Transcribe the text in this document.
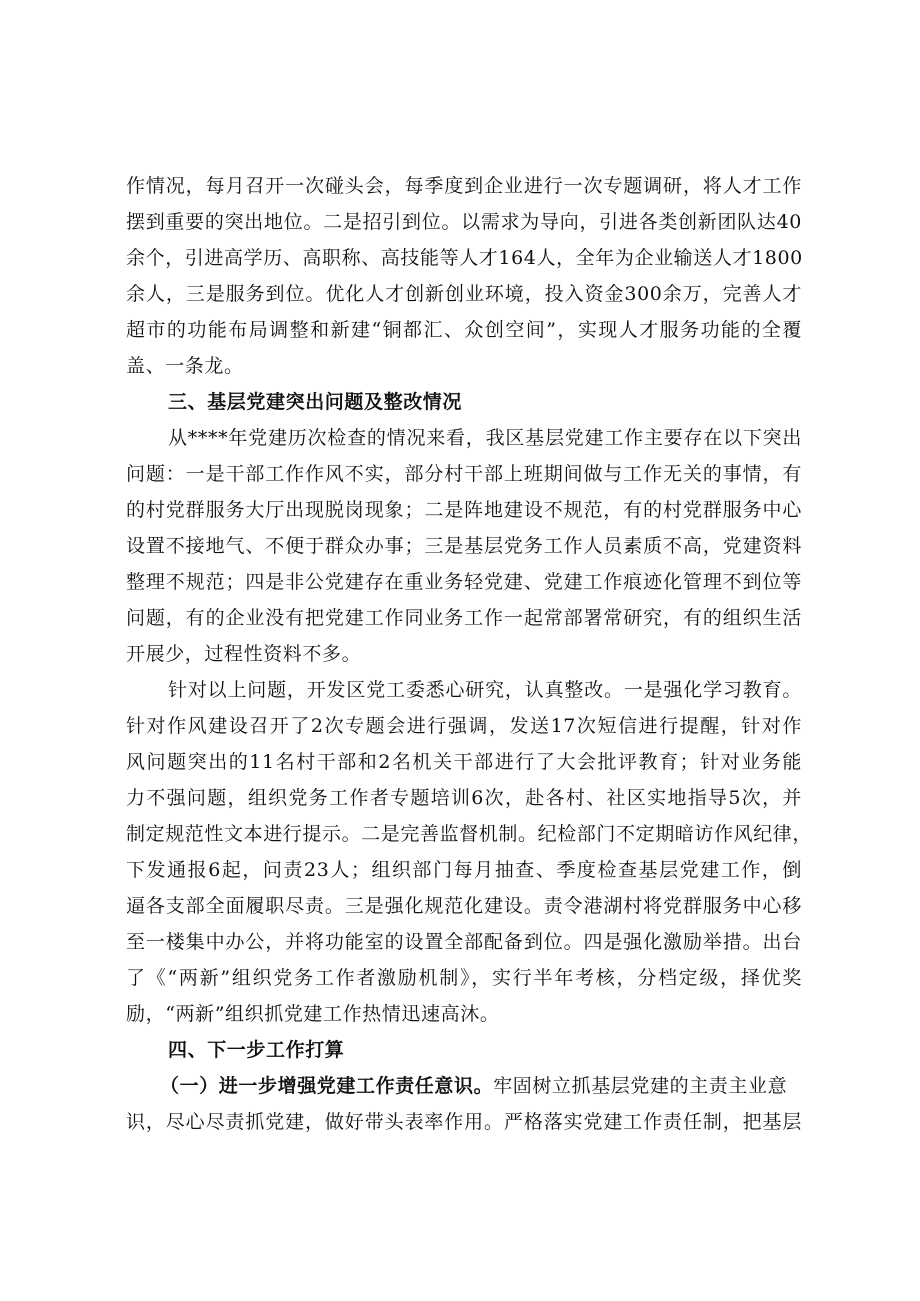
作情况，每月召开一次碰头会，每季度到企业进行一次专题调研，将人才工作
摆到重要的突出地位。二是招引到位。以需求为导向，引进各类创新团队达40
余个，引进高学历、高职称、高技能等人才164人，全年为企业输送人才1800
余人，三是服务到位。优化人才创新创业环境，投入资金300余万，完善人才
超市的功能布局调整和新建“铜都汇、众创空间”，实现人才服务功能的全覆
盖、一条龙。
三、基层党建突出问题及整改情况
从****年党建历次检查的情况来看，我区基层党建工作主要存在以下突出
问题：一是干部工作作风不实，部分村干部上班期间做与工作无关的事情，有
的村党群服务大厅出现脱岗现象；二是阵地建设不规范，有的村党群服务中心
设置不接地气、不便于群众办事；三是基层党务工作人员素质不高，党建资料
整理不规范；四是非公党建存在重业务轻党建、党建工作痕迹化管理不到位等
问题，有的企业没有把党建工作同业务工作一起常部署常研究，有的组织生活
开展少，过程性资料不多。
针对以上问题，开发区党工委悉心研究，认真整改。一是强化学习教育。
针对作风建设召开了2次专题会进行强调，发送17次短信进行提醒，针对作
风问题突出的11名村干部和2名机关干部进行了大会批评教育；针对业务能
力不强问题，组织党务工作者专题培训6次，赴各村、社区实地指导5次，并
制定规范性文本进行提示。二是完善监督机制。纪检部门不定期暗访作风纪律，
下发通报6起，问责23人；组织部门每月抽查、季度检查基层党建工作，倒
逼各支部全面履职尽责。三是强化规范化建设。责令港湖村将党群服务中心移
至一楼集中办公，并将功能室的设置全部配备到位。四是强化激励举措。出台
了《“两新”组织党务工作者激励机制》，实行半年考核，分档定级，择优奖
励，“两新”组织抓党建工作热情迅速高沐。
四、下一步工作打算
（一）进一步增强党建工作责任意识。牢固树立抓基层党建的主责主业意
识，尽心尽责抓党建，做好带头表率作用。严格落实党建工作责任制，把基层
